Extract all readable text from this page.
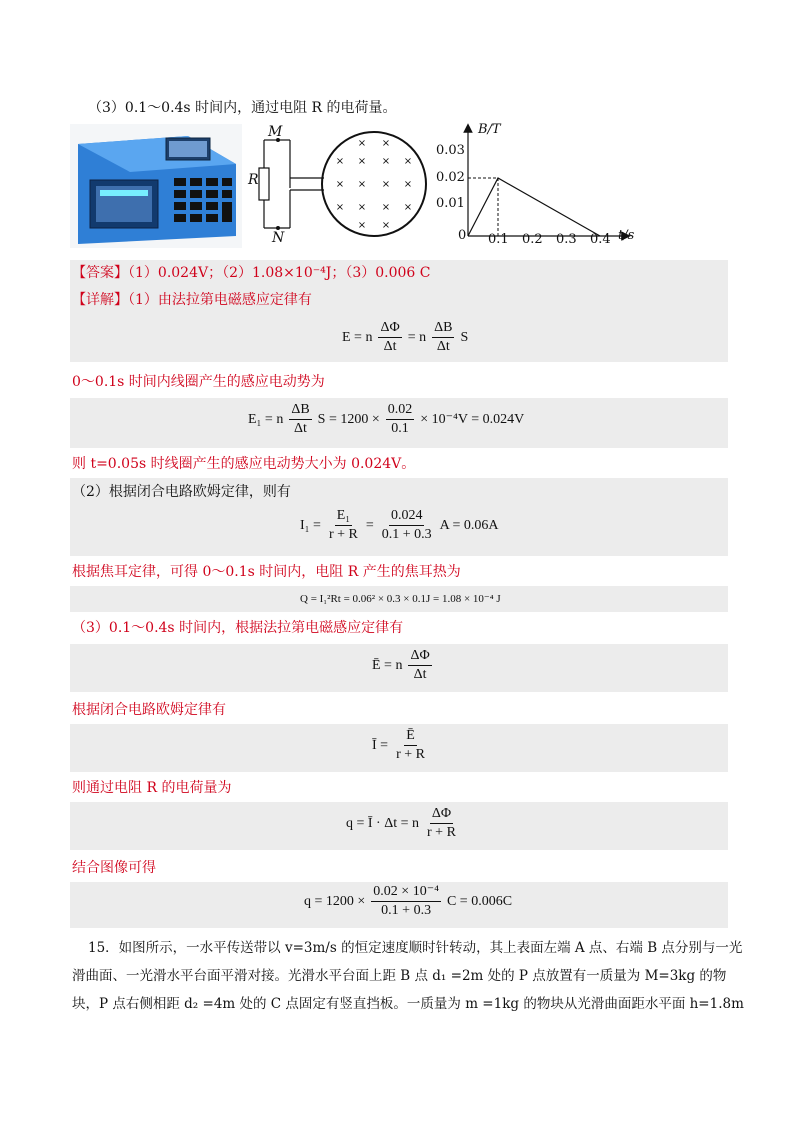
（3）0.1～0.4s 时间内，通过电阻 R 的电荷量。
× ×
× × × ×
× × × ×
× × × ×
× ×
M
N
R
B/T
t/s
0
0.03
0.02
0.01
0.1 0.2 0.3 0.4
【答案】（1）0.024V；（2）1.08×10⁻⁴J；（3）0.006 C
【详解】（1）由法拉第电磁感应定律有
E = n $\frac{\Delta\Phi}{\Delta t} = n \frac{\Delta B}{\Delta t}$ S
0～0.1s 时间内线圈产生的感应电动势为
E₁ = n $\frac{\Delta B}{\Delta t}$ $S = 1200 \times \frac{0.02}{0.1} \times 10^{-4}V = 0.024V$
则 t=0.05s 时线圈产生的感应电动势大小为 0.024V。
（2）根据闭合电路欧姆定律，则有
$I_1 = \frac{\text{E₁}}{r + R} = \frac{0.024}{0.1 + 0.3}$ A = 0.06A
根据焦耳定律，可得 0～0.1s 时间内，电阻 R 产生的焦耳热为
Q = I₁²Rt = 0.06² × 0.3 × 0.1J = 1.08 × 10⁻⁴ J
（3）0.1～0.4s 时间内，根据法拉第电磁感应定律有
Ē = n $\frac{\Delta\Phi}{\Delta t}$
根据闭合电路欧姆定律有
Ī = $\frac{Ē}{r + R}$
则通过电阻 R 的电荷量为
q = Ī · Δt = n $\frac{\Delta\Phi}{r + R}$
结合图像可得
$q = 1200 \times \frac{\text{0.02 × 10⁻⁴}}{0.1 + 0.3}$ C = 0.006C
15．如图所示，一水平传送带以 v=3m/s 的恒定速度顺时针转动，其上表面左端 A 点、右端 B 点分别与一光
滑曲面、一光滑水平台面平滑对接。光滑水平台面上距 B 点 d₁ =2m 处的 P 点放置有一质量为 M=3kg 的物
块，P 点右侧相距 d₂ =4m 处的 C 点固定有竖直挡板。一质量为 m =1kg 的物块从光滑曲面距水平面 h=1.8m
